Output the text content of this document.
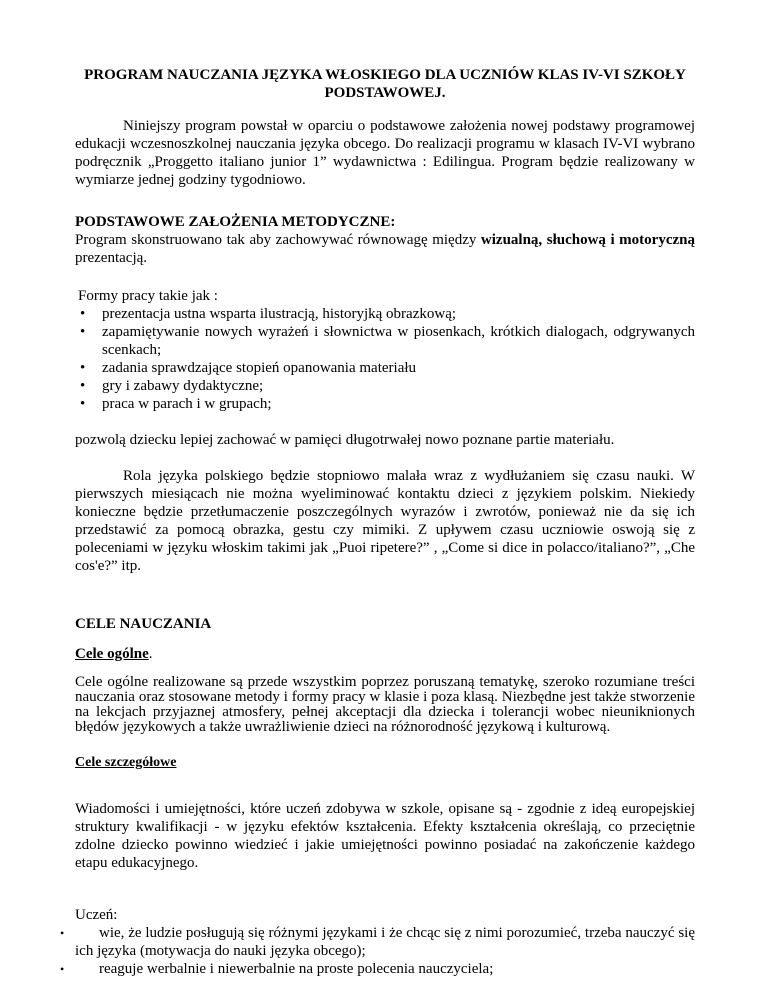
PROGRAM NAUCZANIA JĘZYKA WŁOSKIEGO DLA UCZNIÓW KLAS IV-VI SZKOŁY PODSTAWOWEJ.

Niniejszy program powstał w oparciu o podstawowe założenia nowej podstawy programowej edukacji wczesnoszkolnej nauczania języka obcego. Do realizacji programu w klasach IV-VI wybrano podręcznik „Proggetto italiano junior 1” wydawnictwa : Edilingua. Program będzie realizowany w wymiarze jednej godziny tygodniowo.

PODSTAWOWE ZAŁOŻENIA METODYCZNE:

Program skonstruowano tak aby zachowywać równowagę między wizualną, słuchową i motoryczną prezentacją.

Formy pracy takie jak :

• prezentacja ustna wsparta ilustracją, historyjką obrazkową;
• zapamiętywanie nowych wyrażeń i słownictwa w piosenkach, krótkich dialogach, odgrywanych scenkach;
• zadania sprawdzające stopień opanowania materiału
• gry i zabawy dydaktyczne;
• praca w parach i w grupach;

pozwolą dziecku lepiej zachować w pamięci długotrwałej nowo poznane partie materiału.

Rola języka polskiego będzie stopniowo malała wraz z wydłużaniem się czasu nauki. W pierwszych miesiącach nie można wyeliminować kontaktu dzieci z językiem polskim. Niekiedy konieczne będzie przetłumaczenie poszczególnych wyrazów i zwrotów, ponieważ nie da się ich przedstawić za pomocą obrazka, gestu czy mimiki. Z upływem czasu uczniowie oswoją się z poleceniami w języku włoskim takimi jak „Puoi ripetere?” , „Come si dice in polacco/italiano?”, „Che cos'e?” itp.

CELE NAUCZANIA

Cele ogólne.

Cele ogólne realizowane są przede wszystkim poprzez poruszaną tematykę, szeroko rozumiane treści nauczania oraz stosowane metody i formy pracy w klasie i poza klasą. Niezbędne jest także stworzenie na lekcjach przyjaznej atmosfery, pełnej akceptacji dla dziecka i tolerancji wobec nieuniknionych błędów językowych a także uwrażliwienie dzieci na różnorodność językową i kulturową.

Cele szczegółowe

Wiadomości i umiejętności, które uczeń zdobywa w szkole, opisane są - zgodnie z ideą europejskiej struktury kwalifikacji - w języku efektów kształcenia. Efekty kształcenia określają, co przeciętnie zdolne dziecko powinno wiedzieć i jakie umiejętności powinno posiadać na zakończenie każdego etapu edukacyjnego.

Uczeń:

• wie, że ludzie posługują się różnymi językami i że chcąc się z nimi porozumieć, trzeba nauczyć się ich języka (motywacja do nauki języka obcego);
• reaguje werbalnie i niewerbalnie na proste polecenia nauczyciela;
